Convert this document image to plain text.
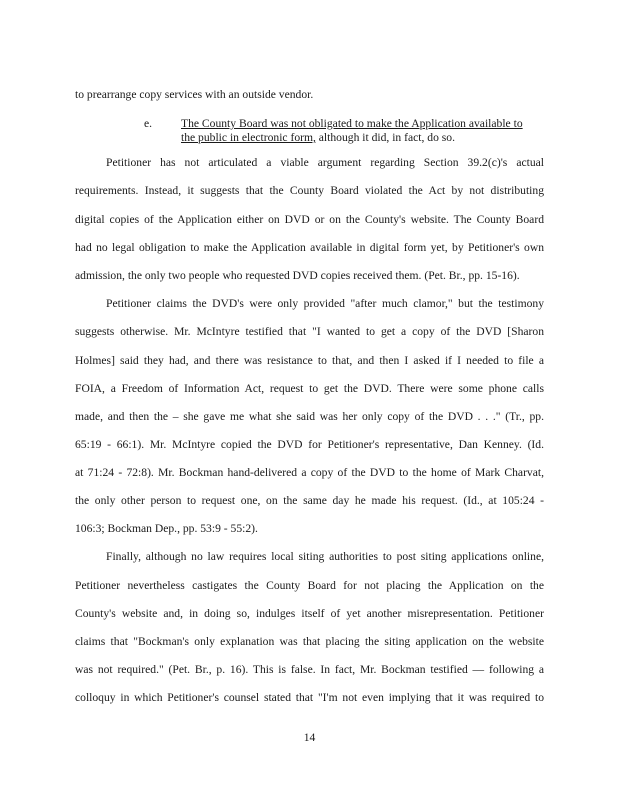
to prearrange copy services with an outside vendor.
e. The County Board was not obligated to make the Application available to
the public in electronic form, although it did, in fact, do so.
Petitioner has not articulated a viable argument regarding Section 39.2(c)'s actual
requirements. Instead, it suggests that the County Board violated the Act by not distributing
digital copies of the Application either on DVD or on the County's website. The County Board
had no legal obligation to make the Application available in digital form yet, by Petitioner's own
admission, the only two people who requested DVD copies received them. (Pet. Br., pp. 15-16).
Petitioner claims the DVD's were only provided "after much clamor," but the testimony
suggests otherwise. Mr. McIntyre testified that "I wanted to get a copy of the DVD [Sharon
Holmes] said they had, and there was resistance to that, and then I asked if I needed to file a
FOIA, a Freedom of Information Act, request to get the DVD. There were some phone calls
made, and then the – she gave me what she said was her only copy of the DVD . . ." (Tr., pp.
65:19 - 66:1). Mr. McIntyre copied the DVD for Petitioner's representative, Dan Kenney. (Id.
at 71:24 - 72:8). Mr. Bockman hand-delivered a copy of the DVD to the home of Mark Charvat,
the only other person to request one, on the same day he made his request. (Id., at 105:24 -
106:3; Bockman Dep., pp. 53:9 - 55:2).
Finally, although no law requires local siting authorities to post siting applications online,
Petitioner nevertheless castigates the County Board for not placing the Application on the
County's website and, in doing so, indulges itself of yet another misrepresentation. Petitioner
claims that "Bockman's only explanation was that placing the siting application on the website
was not required." (Pet. Br., p. 16). This is false. In fact, Mr. Bockman testified — following a
colloquy in which Petitioner's counsel stated that "I'm not even implying that it was required to
14
